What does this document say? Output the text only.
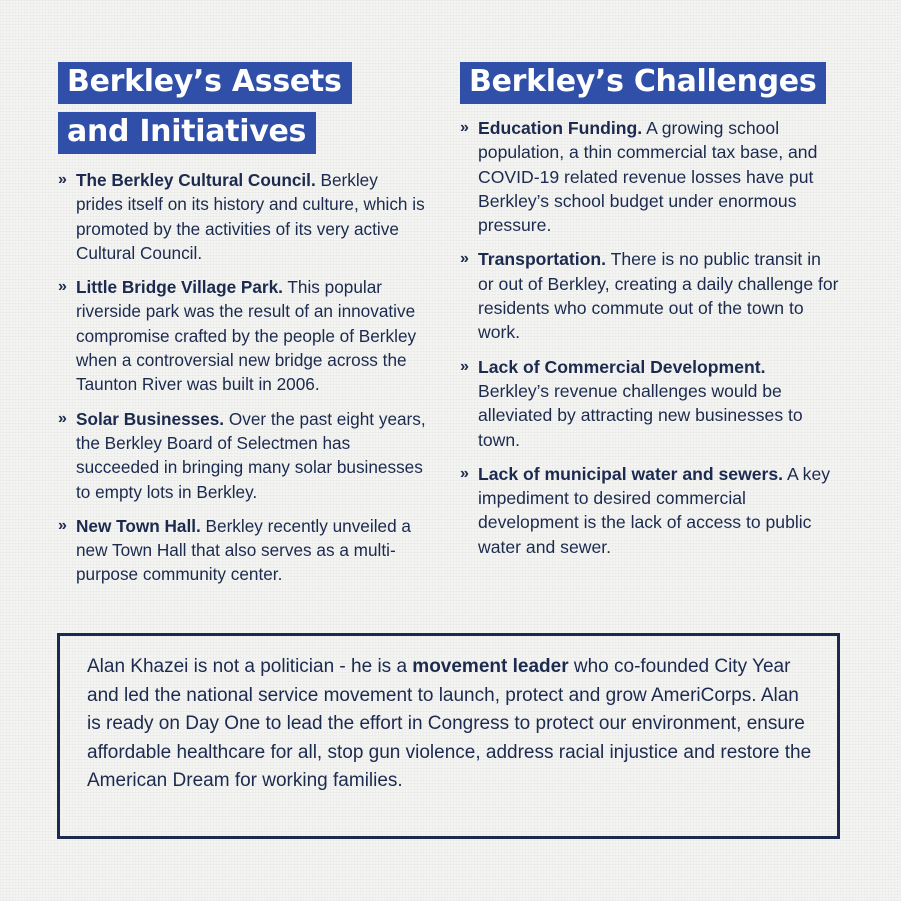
Berkley’s Assets
and Initiatives
» The Berkley Cultural Council. Berkley prides itself on its history and culture, which is promoted by the activities of its very active Cultural Council.
» Little Bridge Village Park. This popular riverside park was the result of an innovative compromise crafted by the people of Berkley when a controversial new bridge across the Taunton River was built in 2006.
» Solar Businesses. Over the past eight years, the Berkley Board of Selectmen has succeeded in bringing many solar businesses to empty lots in Berkley.
» New Town Hall. Berkley recently unveiled a new Town Hall that also serves as a multi-purpose community center.
Berkley’s Challenges
» Education Funding. A growing school population, a thin commercial tax base, and COVID-19 related revenue losses have put Berkley’s school budget under enormous pressure.
» Transportation. There is no public transit in or out of Berkley, creating a daily challenge for residents who commute out of the town to work.
» Lack of Commercial Development. Berkley’s revenue challenges would be alleviated by attracting new businesses to town.
» Lack of municipal water and sewers. A key impediment to desired commercial development is the lack of access to public water and sewer.
Alan Khazei is not a politician - he is a movement leader who co-founded City Year and led the national service movement to launch, protect and grow AmeriCorps. Alan is ready on Day One to lead the effort in Congress to protect our environment, ensure affordable healthcare for all, stop gun violence, address racial injustice and restore the American Dream for working families.
